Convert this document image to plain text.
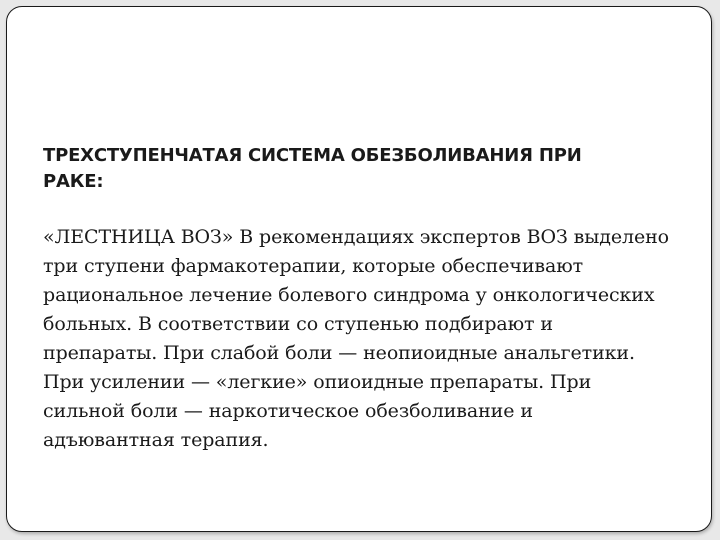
ТРЕХСТУПЕНЧАТАЯ СИСТЕМА ОБЕЗБОЛИВАНИЯ ПРИ
РАКЕ:

«ЛЕСТНИЦА ВОЗ» В рекомендациях экспертов ВОЗ выделено
три ступени фармакотерапии, которые обеспечивают
рациональное лечение болевого синдрома у онкологических
больных. В соответствии со ступенью подбирают и
препараты. При слабой боли — неопиоидные анальгетики.
При усилении — «легкие» опиоидные препараты. При
сильной боли — наркотическое обезболивание и
адъювантная терапия.
